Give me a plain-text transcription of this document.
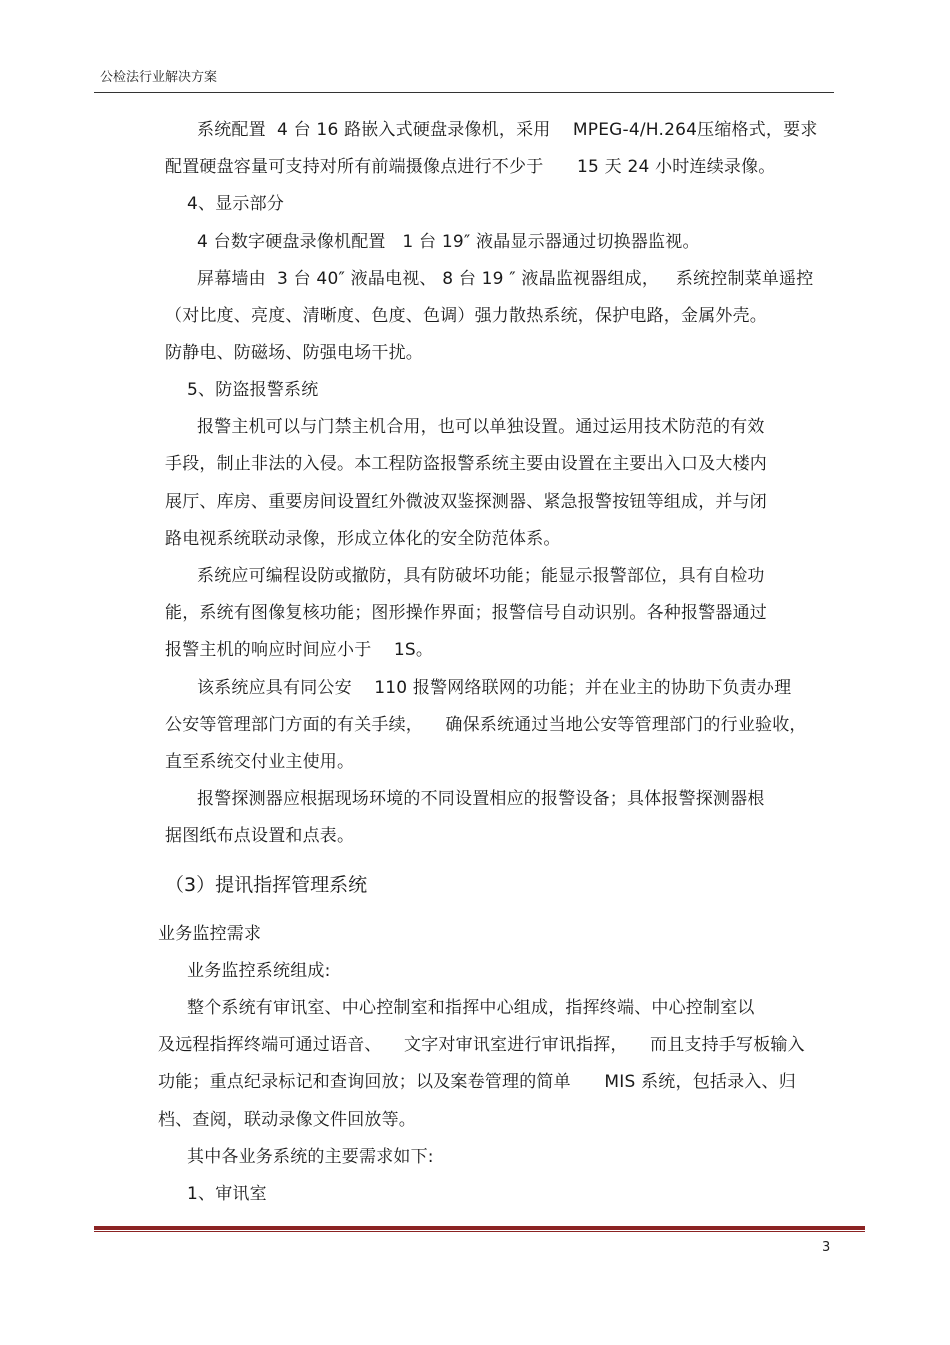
公检法行业解决方案
系统配置  4 台 16 路嵌入式硬盘录像机，采用    MPEG-4/H.264压缩格式，要求
配置硬盘容量可支持对所有前端摄像点进行不少于      15 天 24 小时连续录像。
4、显示部分
4 台数字硬盘录像机配置   1 台 19″ 液晶显示器通过切换器监视。
屏幕墙由  3 台 40″ 液晶电视、 8 台 19 ″ 液晶监视器组成，   系统控制菜单遥控
（对比度、亮度、清晰度、色度、色调）强力散热系统，保护电路，金属外壳。
防静电、防磁场、防强电场干扰。
5、防盗报警系统
报警主机可以与门禁主机合用，也可以单独设置。通过运用技术防范的有效
手段，制止非法的入侵。本工程防盗报警系统主要由设置在主要出入口及大楼内
展厅、库房、重要房间设置红外微波双鉴探测器、紧急报警按钮等组成，并与闭
路电视系统联动录像，形成立体化的安全防范体系。
系统应可编程设防或撤防，具有防破坏功能；能显示报警部位，具有自检功
能，系统有图像复核功能；图形操作界面；报警信号自动识别。各种报警器通过
报警主机的响应时间应小于    1S。
该系统应具有同公安    110 报警网络联网的功能；并在业主的协助下负责办理
公安等管理部门方面的有关手续，    确保系统通过当地公安等管理部门的行业验收，
直至系统交付业主使用。
报警探测器应根据现场环境的不同设置相应的报警设备；具体报警探测器根
据图纸布点设置和点表。
（3）提讯指挥管理系统
业务监控需求
业务监控系统组成:
整个系统有审讯室、中心控制室和指挥中心组成，指挥终端、中心控制室以
及远程指挥终端可通过语音、    文字对审讯室进行审讯指挥，    而且支持手写板输入
功能；重点纪录标记和查询回放；以及案卷管理的简单      MIS 系统，包括录入、归
档、查阅，联动录像文件回放等。
其中各业务系统的主要需求如下:
1、审讯室
3
